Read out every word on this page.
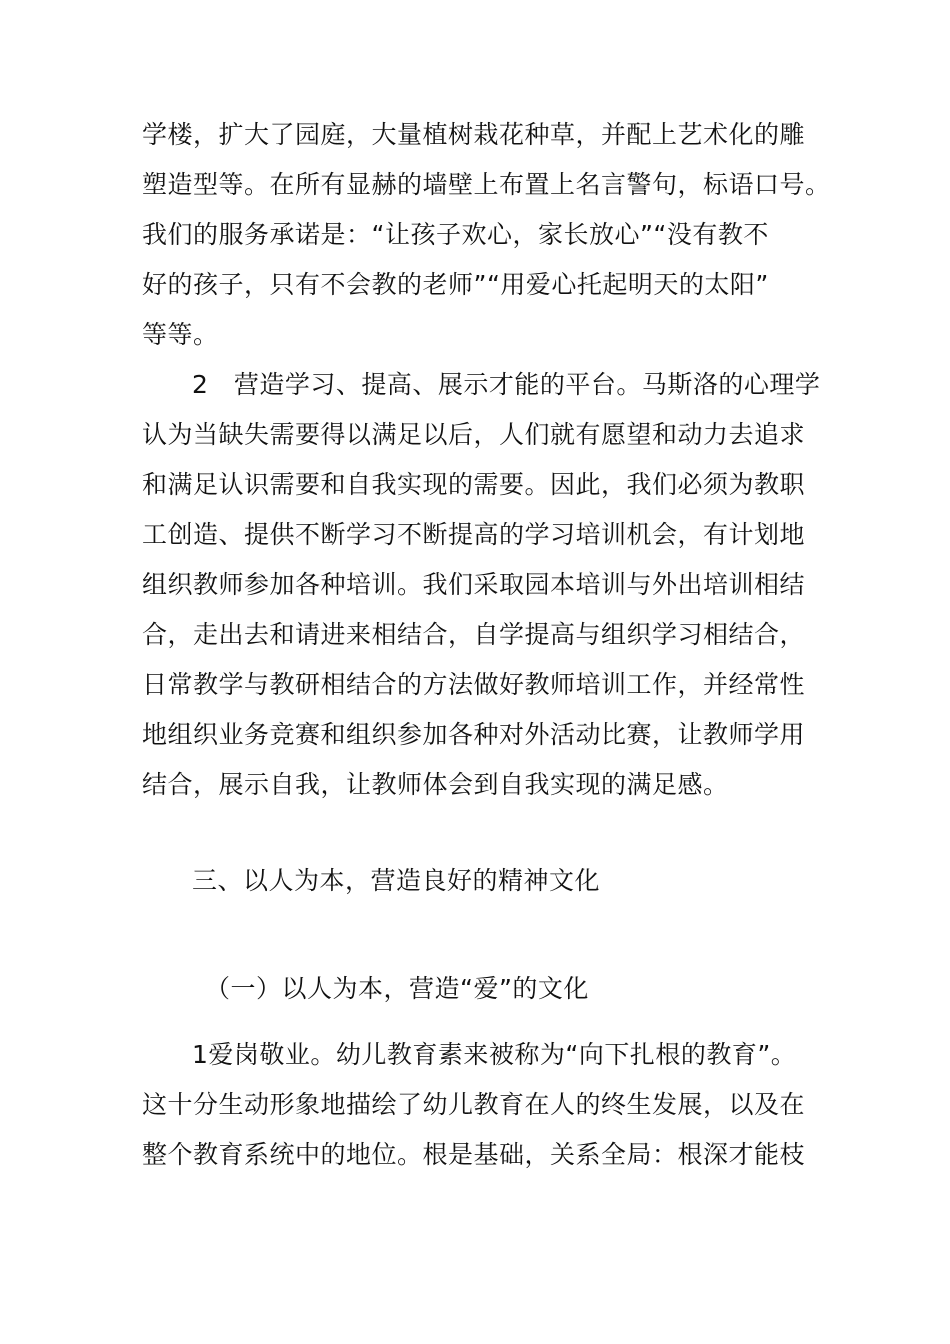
学楼，扩大了园庭，大量植树栽花种草，并配上艺术化的雕
塑造型等。在所有显赫的墙壁上布置上名言警句，标语口号。
我们的服务承诺是：“让孩子欢心，家长放心”“没有教不
好的孩子，只有不会教的老师”“用爱心托起明天的太阳”
等等。
2　营造学习、提高、展示才能的平台。马斯洛的心理学
认为当缺失需要得以满足以后，人们就有愿望和动力去追求
和满足认识需要和自我实现的需要。因此，我们必须为教职
工创造、提供不断学习不断提高的学习培训机会，有计划地
组织教师参加各种培训。我们采取园本培训与外出培训相结
合，走出去和请进来相结合，自学提高与组织学习相结合，
日常教学与教研相结合的方法做好教师培训工作，并经常性
地组织业务竞赛和组织参加各种对外活动比赛，让教师学用
结合，展示自我，让教师体会到自我实现的满足感。
三、以人为本，营造良好的精神文化
（一）以人为本，营造“爱”的文化
1爱岗敬业。幼儿教育素来被称为“向下扎根的教育”。
这十分生动形象地描绘了幼儿教育在人的终生发展，以及在
整个教育系统中的地位。根是基础，关系全局：根深才能枝
